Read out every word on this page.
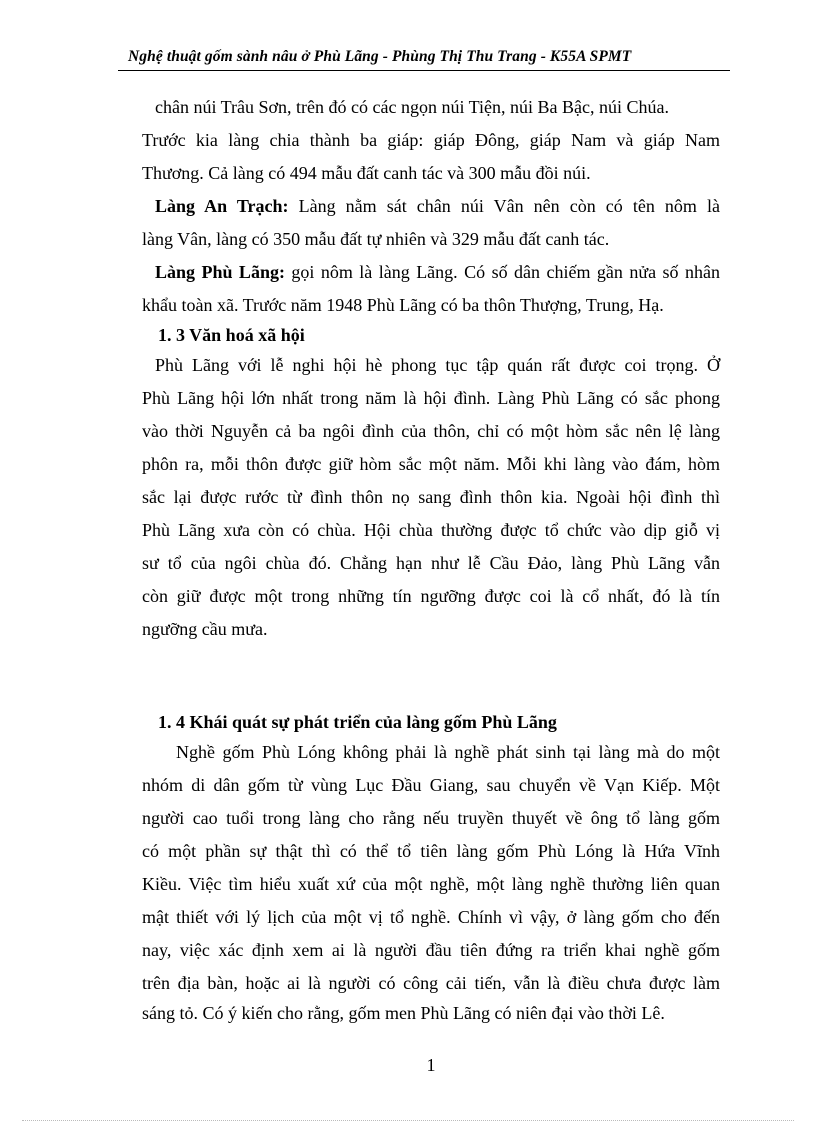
Nghệ thuật gốm sành nâu ở Phù Lãng - Phùng Thị Thu Trang - K55A SPMT
chân núi Trâu Sơn, trên đó có các ngọn núi Tiện, núi Ba Bậc, núi Chúa.
Trước kia làng chia thành ba giáp: giáp Đông, giáp Nam và giáp Nam
Thương. Cả làng có 494 mẫu đất canh tác và 300 mẫu đồi núi.
Làng An Trạch: Làng nằm sát chân núi Vân nên còn có tên nôm là
làng Vân, làng có 350 mẫu đất tự nhiên và 329 mẫu đất canh tác.
Làng Phù Lãng: gọi nôm là làng Lãng. Có số dân chiếm gần nửa số nhân
khẩu toàn xã. Trước năm 1948 Phù Lãng có ba thôn Thượng, Trung, Hạ.
1. 3 Văn hoá xã hội
Phù Lãng với lễ nghi hội hè phong tục tập quán rất được coi trọng. Ở
Phù Lãng hội lớn nhất trong năm là hội đình. Làng Phù Lãng có sắc phong
vào thời Nguyễn cả ba ngôi đình của thôn, chỉ có một hòm sắc nên lệ làng
phôn ra, mỗi thôn được giữ hòm sắc một năm. Mỗi khi làng vào đám, hòm
sắc lại được rước từ đình thôn nọ sang đình thôn kia. Ngoài hội đình thì
Phù Lãng xưa còn có chùa. Hội chùa thường được tổ chức vào dịp giỗ vị
sư tổ của ngôi chùa đó. Chẳng hạn như lễ Cầu Đảo, làng Phù Lãng vẫn
còn giữ được một trong những tín ngưỡng được coi là cổ nhất, đó là tín
ngưỡng cầu mưa.
1. 4 Khái quát sự phát triển của làng gốm Phù Lãng
Nghề gốm Phù Lóng không phải là nghề phát sinh tại làng mà do một
nhóm di dân gốm từ vùng Lục Đầu Giang, sau chuyển về Vạn Kiếp. Một
người cao tuổi trong làng cho rằng nếu truyền thuyết về ông tổ làng gốm
có một phần sự thật thì có thể tổ tiên làng gốm Phù Lóng là Hứa Vĩnh
Kiều. Việc tìm hiểu xuất xứ của một nghề, một làng nghề thường liên quan
mật thiết với lý lịch của một vị tổ nghề. Chính vì vậy, ở làng gốm cho đến
nay, việc xác định xem ai là người đầu tiên đứng ra triển khai nghề gốm
trên địa bàn, hoặc ai là người có công cải tiến, vẫn là điều chưa được làm
sáng tỏ. Có ý kiến cho rằng, gốm men Phù Lãng có niên đại vào thời Lê.
1
